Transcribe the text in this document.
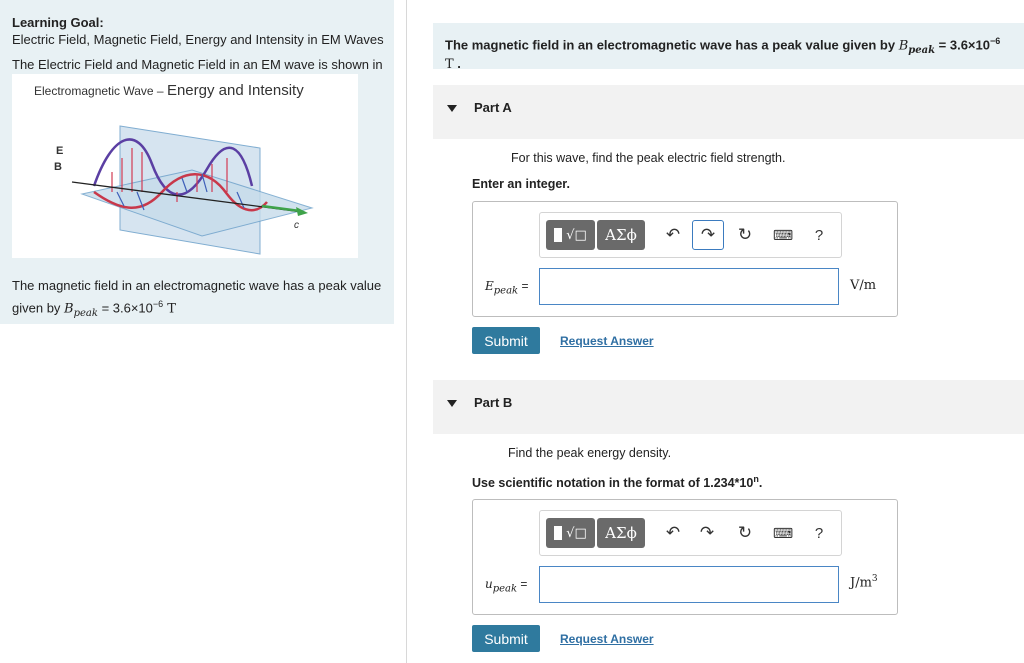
Learning Goal:
Electric Field, Magnetic Field, Energy and Intensity in EM Waves
The Electric Field and Magnetic Field in an EM wave is shown in
Electromagnetic Wave – Energy and Intensity
E
B
c
The magnetic field in an electromagnetic wave has a peak value
given by $B_{peak} = 3.6\times 10^{-6}$ T
The magnetic field in an electromagnetic wave has a peak value given by $B_{peak} = 3.6\times 10^{-6}$ T .
Part A
For this wave, find the peak electric field strength.
Enter an integer.
√□	ΑΣϕ	↶	↷	↻	⌨	?
$E_{peak}$ =	V/m
Submit	Request Answer
Part B
Find the peak energy density.
Use scientific notation in the format of 1.234*10$^n$.
√□	ΑΣϕ	↶	↷	↻	⌨	?
$u_{peak}$ =	$J/m^3$
Submit	Request Answer
